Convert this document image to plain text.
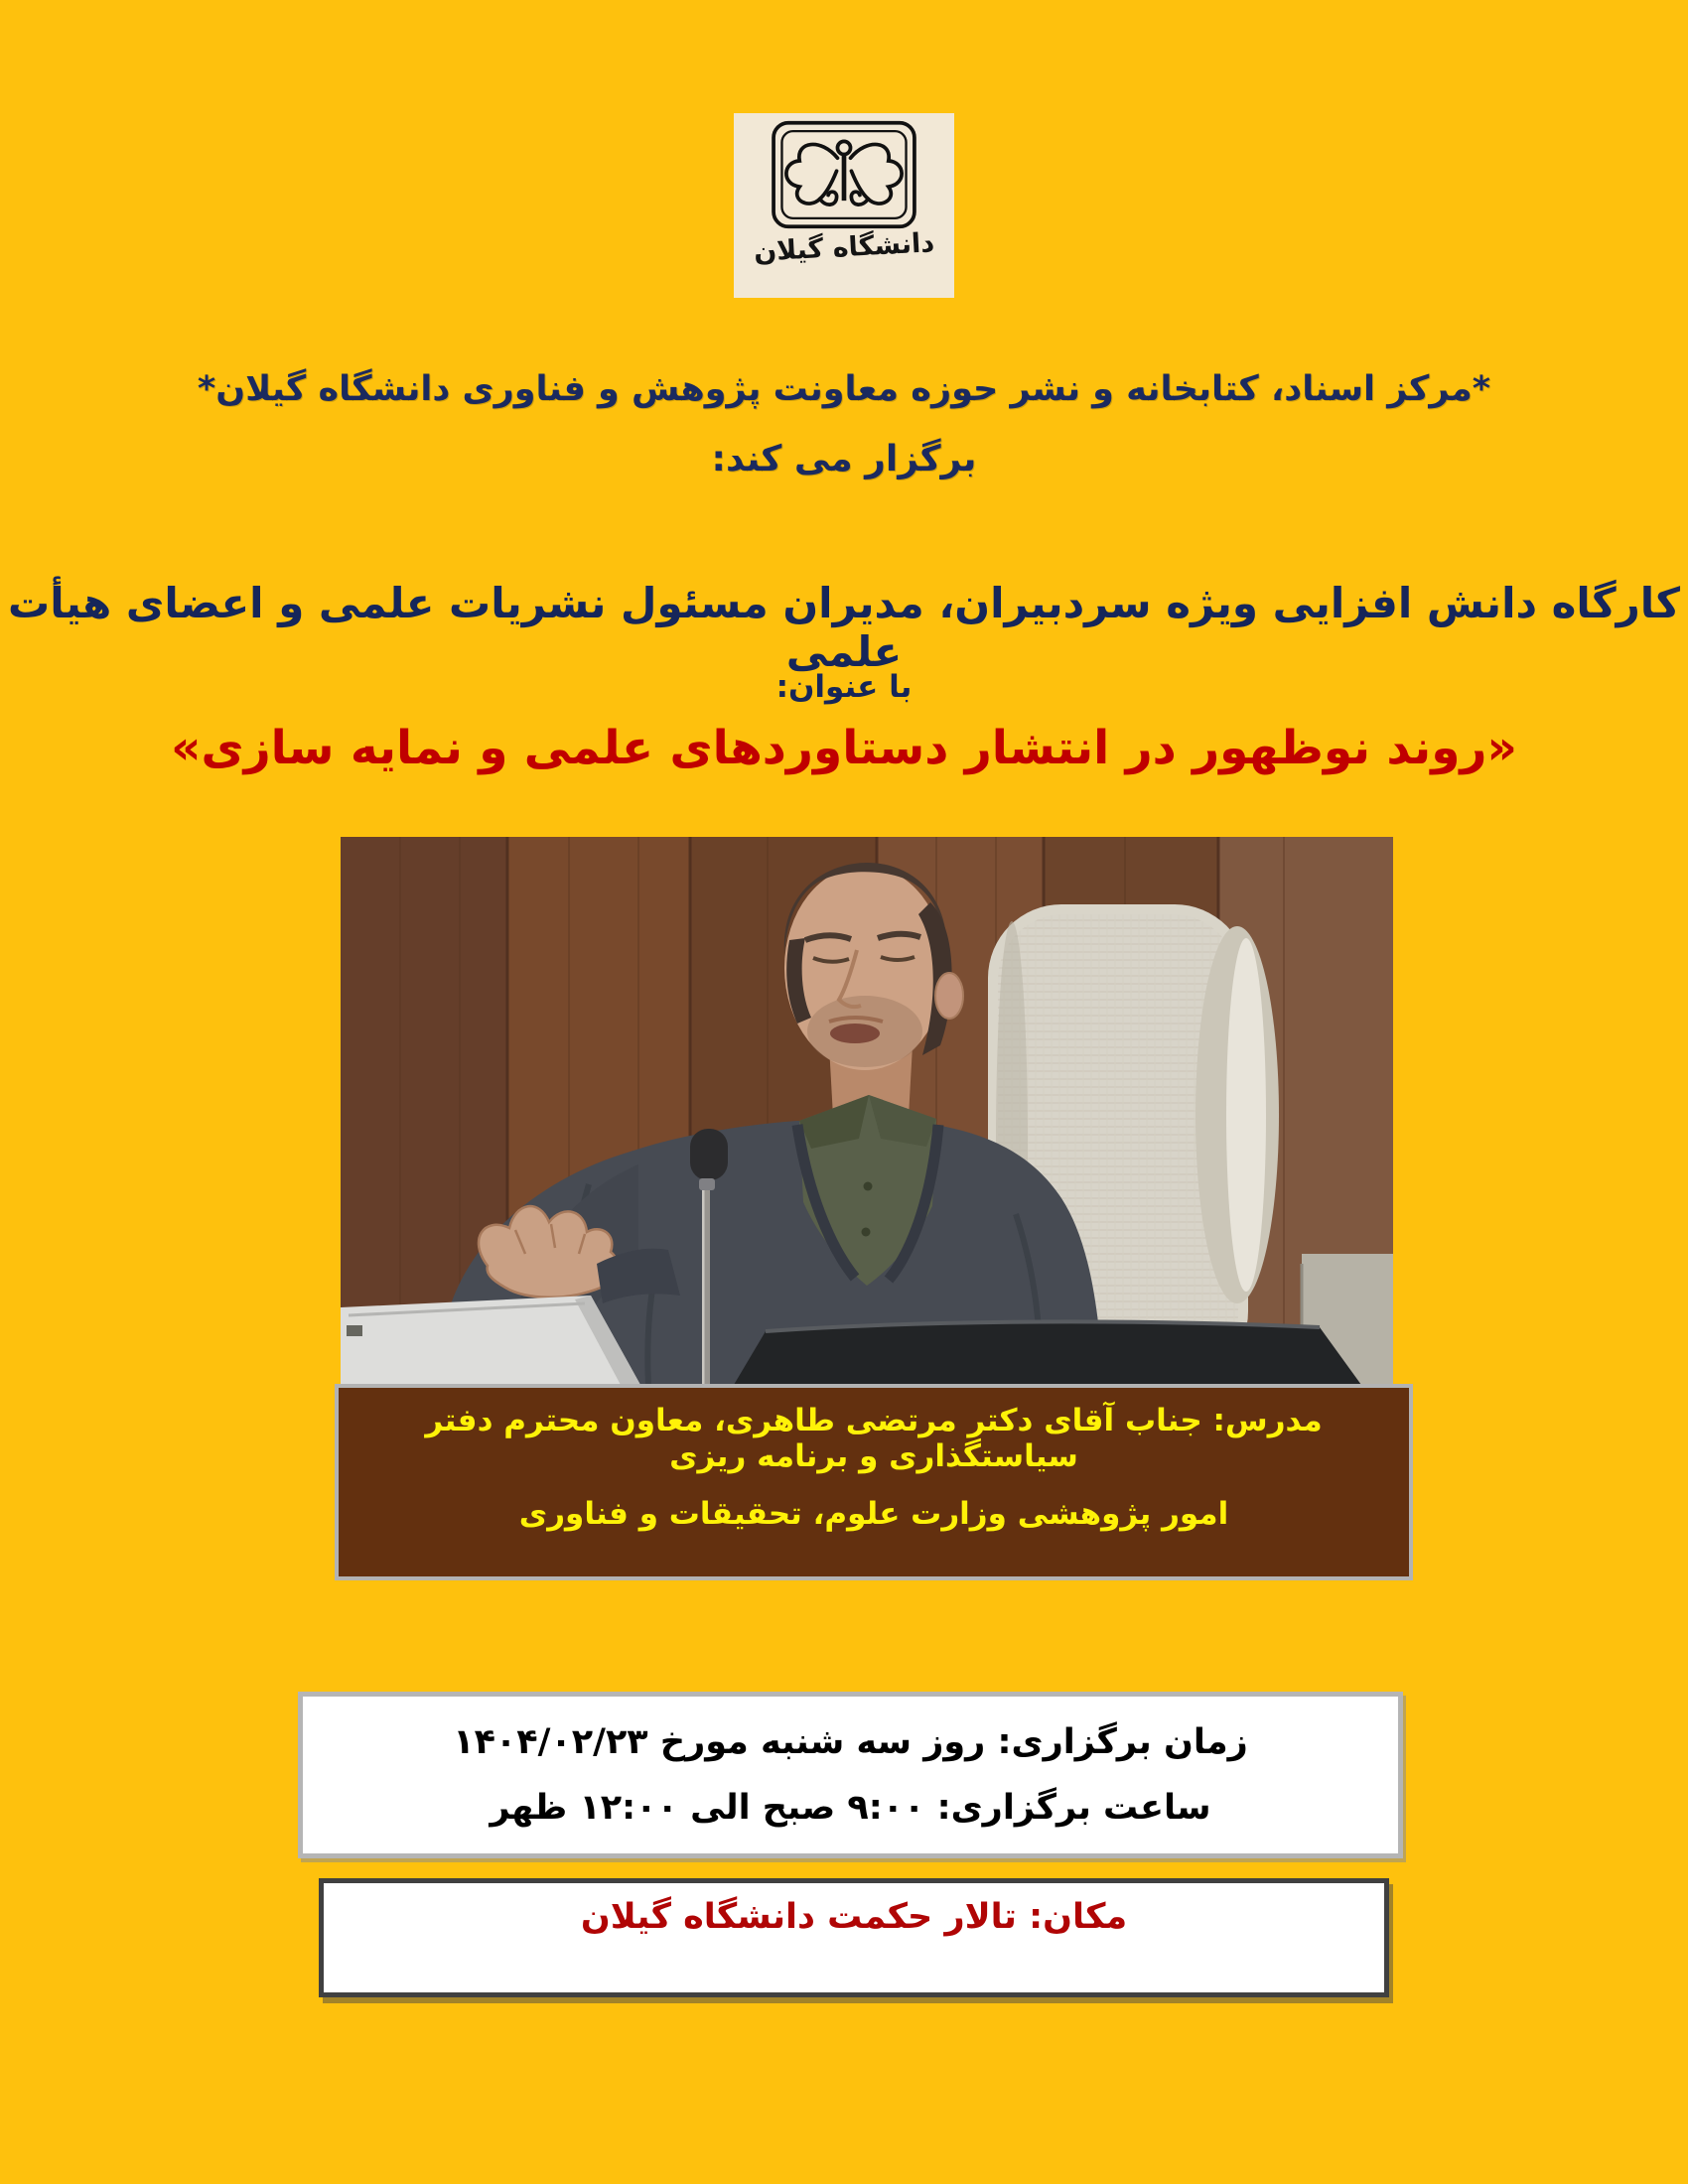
دانشگاه گیلان
*مرکز اسناد، کتابخانه و نشر حوزه معاونت پژوهش و فناوری دانشگاه گیلان*
برگزار می کند:
کارگاه دانش افزایی ویژه سردبیران، مدیران مسئول نشریات علمی و اعضای هیأت علمی
با عنوان:
«روند نوظهور در انتشار دستاوردهای علمی و نمایه سازی»
مدرس: جناب آقای دکتر مرتضی طاهری، معاون محترم دفتر سیاستگذاری و برنامه ریزی
امور پژوهشی وزارت علوم، تحقیقات و فناوری
زمان برگزاری: روز سه شنبه مورخ ۱۴۰۴/۰۲/۲۳
ساعت برگزاری: ۹:۰۰ صبح الی ۱۲:۰۰ ظهر
مکان: تالار حکمت دانشگاه گیلان
